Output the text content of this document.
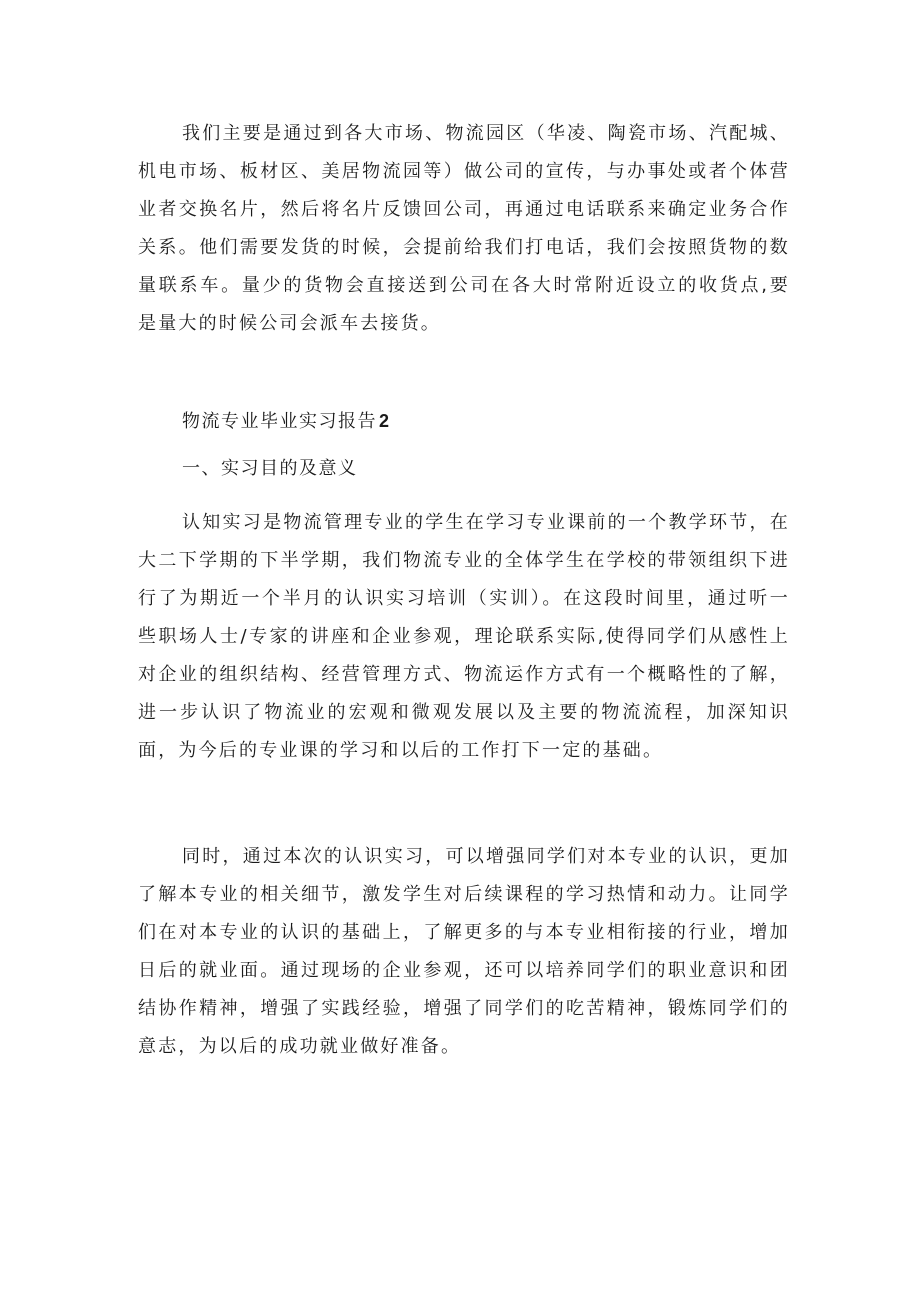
我们主要是通过到各大市场、物流园区（华凌、陶瓷市场、汽配城、机电市场、板材区、美居物流园等）做公司的宣传，与办事处或者个体营业者交换名片，然后将名片反馈回公司，再通过电话联系来确定业务合作关系。他们需要发货的时候，会提前给我们打电话，我们会按照货物的数量联系车。量少的货物会直接送到公司在各大时常附近设立的收货点,要是量大的时候公司会派车去接货。

物流专业毕业实习报告 2

一、实习目的及意义

认知实习是物流管理专业的学生在学习专业课前的一个教学环节，在大二下学期的下半学期，我们物流专业的全体学生在学校的带领组织下进行了为期近一个半月的认识实习培训（实训）。在这段时间里，通过听一些职场人士/专家的讲座和企业参观，理论联系实际,使得同学们从感性上对企业的组织结构、经营管理方式、物流运作方式有一个概略性的了解，进一步认识了物流业的宏观和微观发展以及主要的物流流程，加深知识面，为今后的专业课的学习和以后的工作打下一定的基础。

同时，通过本次的认识实习，可以增强同学们对本专业的认识，更加了解本专业的相关细节，激发学生对后续课程的学习热情和动力。让同学们在对本专业的认识的基础上，了解更多的与本专业相衔接的行业，增加日后的就业面。通过现场的企业参观，还可以培养同学们的职业意识和团结协作精神，增强了实践经验，增强了同学们的吃苦精神，锻炼同学们的意志，为以后的成功就业做好准备。
